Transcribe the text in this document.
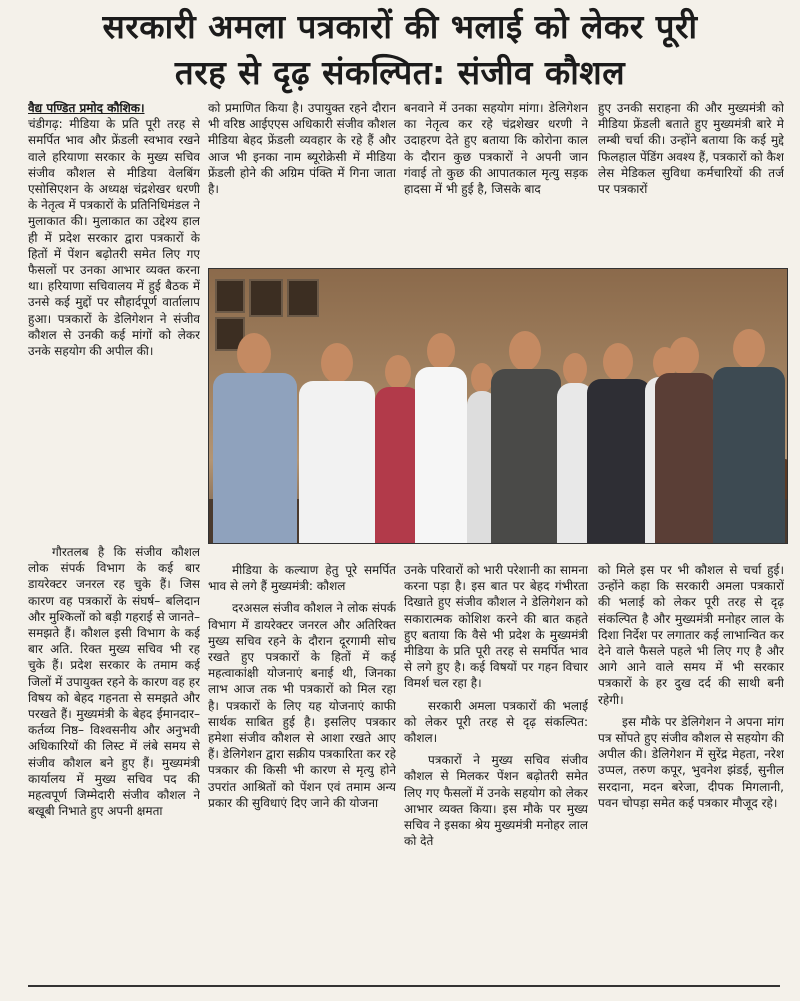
सरकारी अमला पत्रकारों की भलाई को लेकर पूरी
तरह से दृढ़ संकल्पित: संजीव कौशल

वैद्य पण्डित प्रमोद कौशिक।

चंडीगढ़: मीडिया के प्रति पूरी तरह से समर्पित भाव और फ्रेंडली स्वभाव रखने वाले हरियाणा सरकार के मुख्य सचिव संजीव कौशल से मीडिया वेलबिंग एसोसिएशन के अध्यक्ष चंद्रशेखर धरणी के नेतृत्व में पत्रकारों के प्रतिनिधिमंडल ने मुलाकात की। मुलाकात का उद्देश्य हाल ही में प्रदेश सरकार द्वारा पत्रकारों के हितों में पेंशन बढ़ोतरी समेत लिए गए फैसलों पर उनका आभार व्यक्त करना था। हरियाणा सचिवालय में हुई बैठक में उनसे कई मुद्दों पर सौहार्दपूर्ण वार्तालाप हुआ। पत्रकारों के डेलिगेशन ने संजीव कौशल से उनकी कई मांगों को लेकर उनके सहयोग की अपील की।

को प्रमाणित किया है। उपायुक्त रहने दौरान भी वरिष्ठ आईएएस अधिकारी संजीव कौशल मीडिया बेहद फ्रेंडली व्यवहार के रहे हैं और आज भी इनका नाम ब्यूरोक्रेसी में मीडिया फ्रेंडली होने की अग्रिम पंक्ति में गिना जाता है।

बनवाने में उनका सहयोग मांगा। डेलिगेशन का नेतृत्व कर रहे चंद्रशेखर धरणी ने उदाहरण देते हुए बताया कि कोरोना काल के दौरान कुछ पत्रकारों ने अपनी जान गंवाई तो कुछ की आपातकाल मृत्यु सड़क हादसा में भी हुई है, जिसके बाद

हुए उनकी सराहना की और मुख्यमंत्री को मीडिया फ्रेंडली बताते हुए मुख्यमंत्री बारे मे लम्बी चर्चा की। उन्होंने बताया कि कई मुद्दे फिलहाल पेंडिंग अवश्य हैं, पत्रकारों को कैश लेस मेडिकल सुविधा कर्मचारियों की तर्ज पर पत्रकारों

गौरतलब है कि संजीव कौशल लोक संपर्क विभाग के कई बार डायरेक्टर जनरल रह चुके हैं। जिस कारण वह पत्रकारों के संघर्ष– बलिदान और मुश्किलों को बड़ी गहराई से जानते– समझते हैं। कौशल इसी विभाग के कई बार अति. रिक्त मुख्य सचिव भी रह चुके हैं। प्रदेश सरकार के तमाम कई जिलों में उपायुक्त रहने के कारण वह हर विषय को बेहद गहनता से समझते और परखते हैं। मुख्यमंत्री के बेहद ईमानदार– कर्तव्य निष्ठ– विश्वसनीय और अनुभवी अधिकारियों की लिस्ट में लंबे समय से संजीव कौशल बने हुए हैं। मुख्यमंत्री कार्यालय में मुख्य सचिव पद की महत्वपूर्ण जिम्मेदारी संजीव कौशल ने बखूबी निभाते हुए अपनी क्षमता

मीडिया के कल्याण हेतु पूरे समर्पित भाव से लगे हैं मुख्यमंत्री: कौशल

दरअसल संजीव कौशल ने लोक संपर्क विभाग में डायरेक्टर जनरल और अतिरिक्त मुख्य सचिव रहने के दौरान दूरगामी सोच रखते हुए पत्रकारों के हितों में कई महत्वाकांक्षी योजनाएं बनाई थी, जिनका लाभ आज तक भी पत्रकारों को मिल रहा है। पत्रकारों के लिए यह योजनाएं काफी सार्थक साबित हुई है। इसलिए पत्रकार हमेशा संजीव कौशल से आशा रखते आए हैं। डेलिगेशन द्वारा सक्रीय पत्रकारिता कर रहे पत्रकार की किसी भी कारण से मृत्यु होने उपरांत आश्रितों को पेंशन एवं तमाम अन्य प्रकार की सुविधाएं दिए जाने की योजना

उनके परिवारों को भारी परेशानी का सामना करना पड़ा है। इस बात पर बेहद गंभीरता दिखाते हुए संजीव कौशल ने डेलिगेशन को सकारात्मक कोशिश करने की बात कहते हुए बताया कि वैसे भी प्रदेश के मुख्यमंत्री मीडिया के प्रति पूरी तरह से समर्पित भाव से लगे हुए है। कई विषयों पर गहन विचार विमर्श चल रहा है।

सरकारी अमला पत्रकारों की भलाई को लेकर पूरी तरह से दृढ़ संकल्पित: कौशल।

पत्रकारों ने मुख्य सचिव संजीव कौशल से मिलकर पेंशन बढ़ोतरी समेत लिए गए फैसलों में उनके सहयोग को लेकर आभार व्यक्त किया। इस मौके पर मुख्य सचिव ने इसका श्रेय मुख्यमंत्री मनोहर लाल को देते

को मिले इस पर भी कौशल से चर्चा हुई। उन्होंने कहा कि सरकारी अमला पत्रकारों की भलाई को लेकर पूरी तरह से दृढ़ संकल्पित है और मुख्यमंत्री मनोहर लाल के दिशा निर्देश पर लगातार कई लाभान्वित कर देने वाले फैसले पहले भी लिए गए है और आगे आने वाले समय में भी सरकार पत्रकारों के हर दुख दर्द की साथी बनी रहेगी।

इस मौके पर डेलिगेशन ने अपना मांग पत्र सोंपते हुए संजीव कौशल से सहयोग की अपील की। डेलिगेशन में सुरेंद्र मेहता, नरेश उप्पल, तरुण कपूर, भुवनेश झंडई, सुनील सरदाना, मदन बरेजा, दीपक मिगलानी, पवन चोपड़ा समेत कई पत्रकार मौजूद रहे।
